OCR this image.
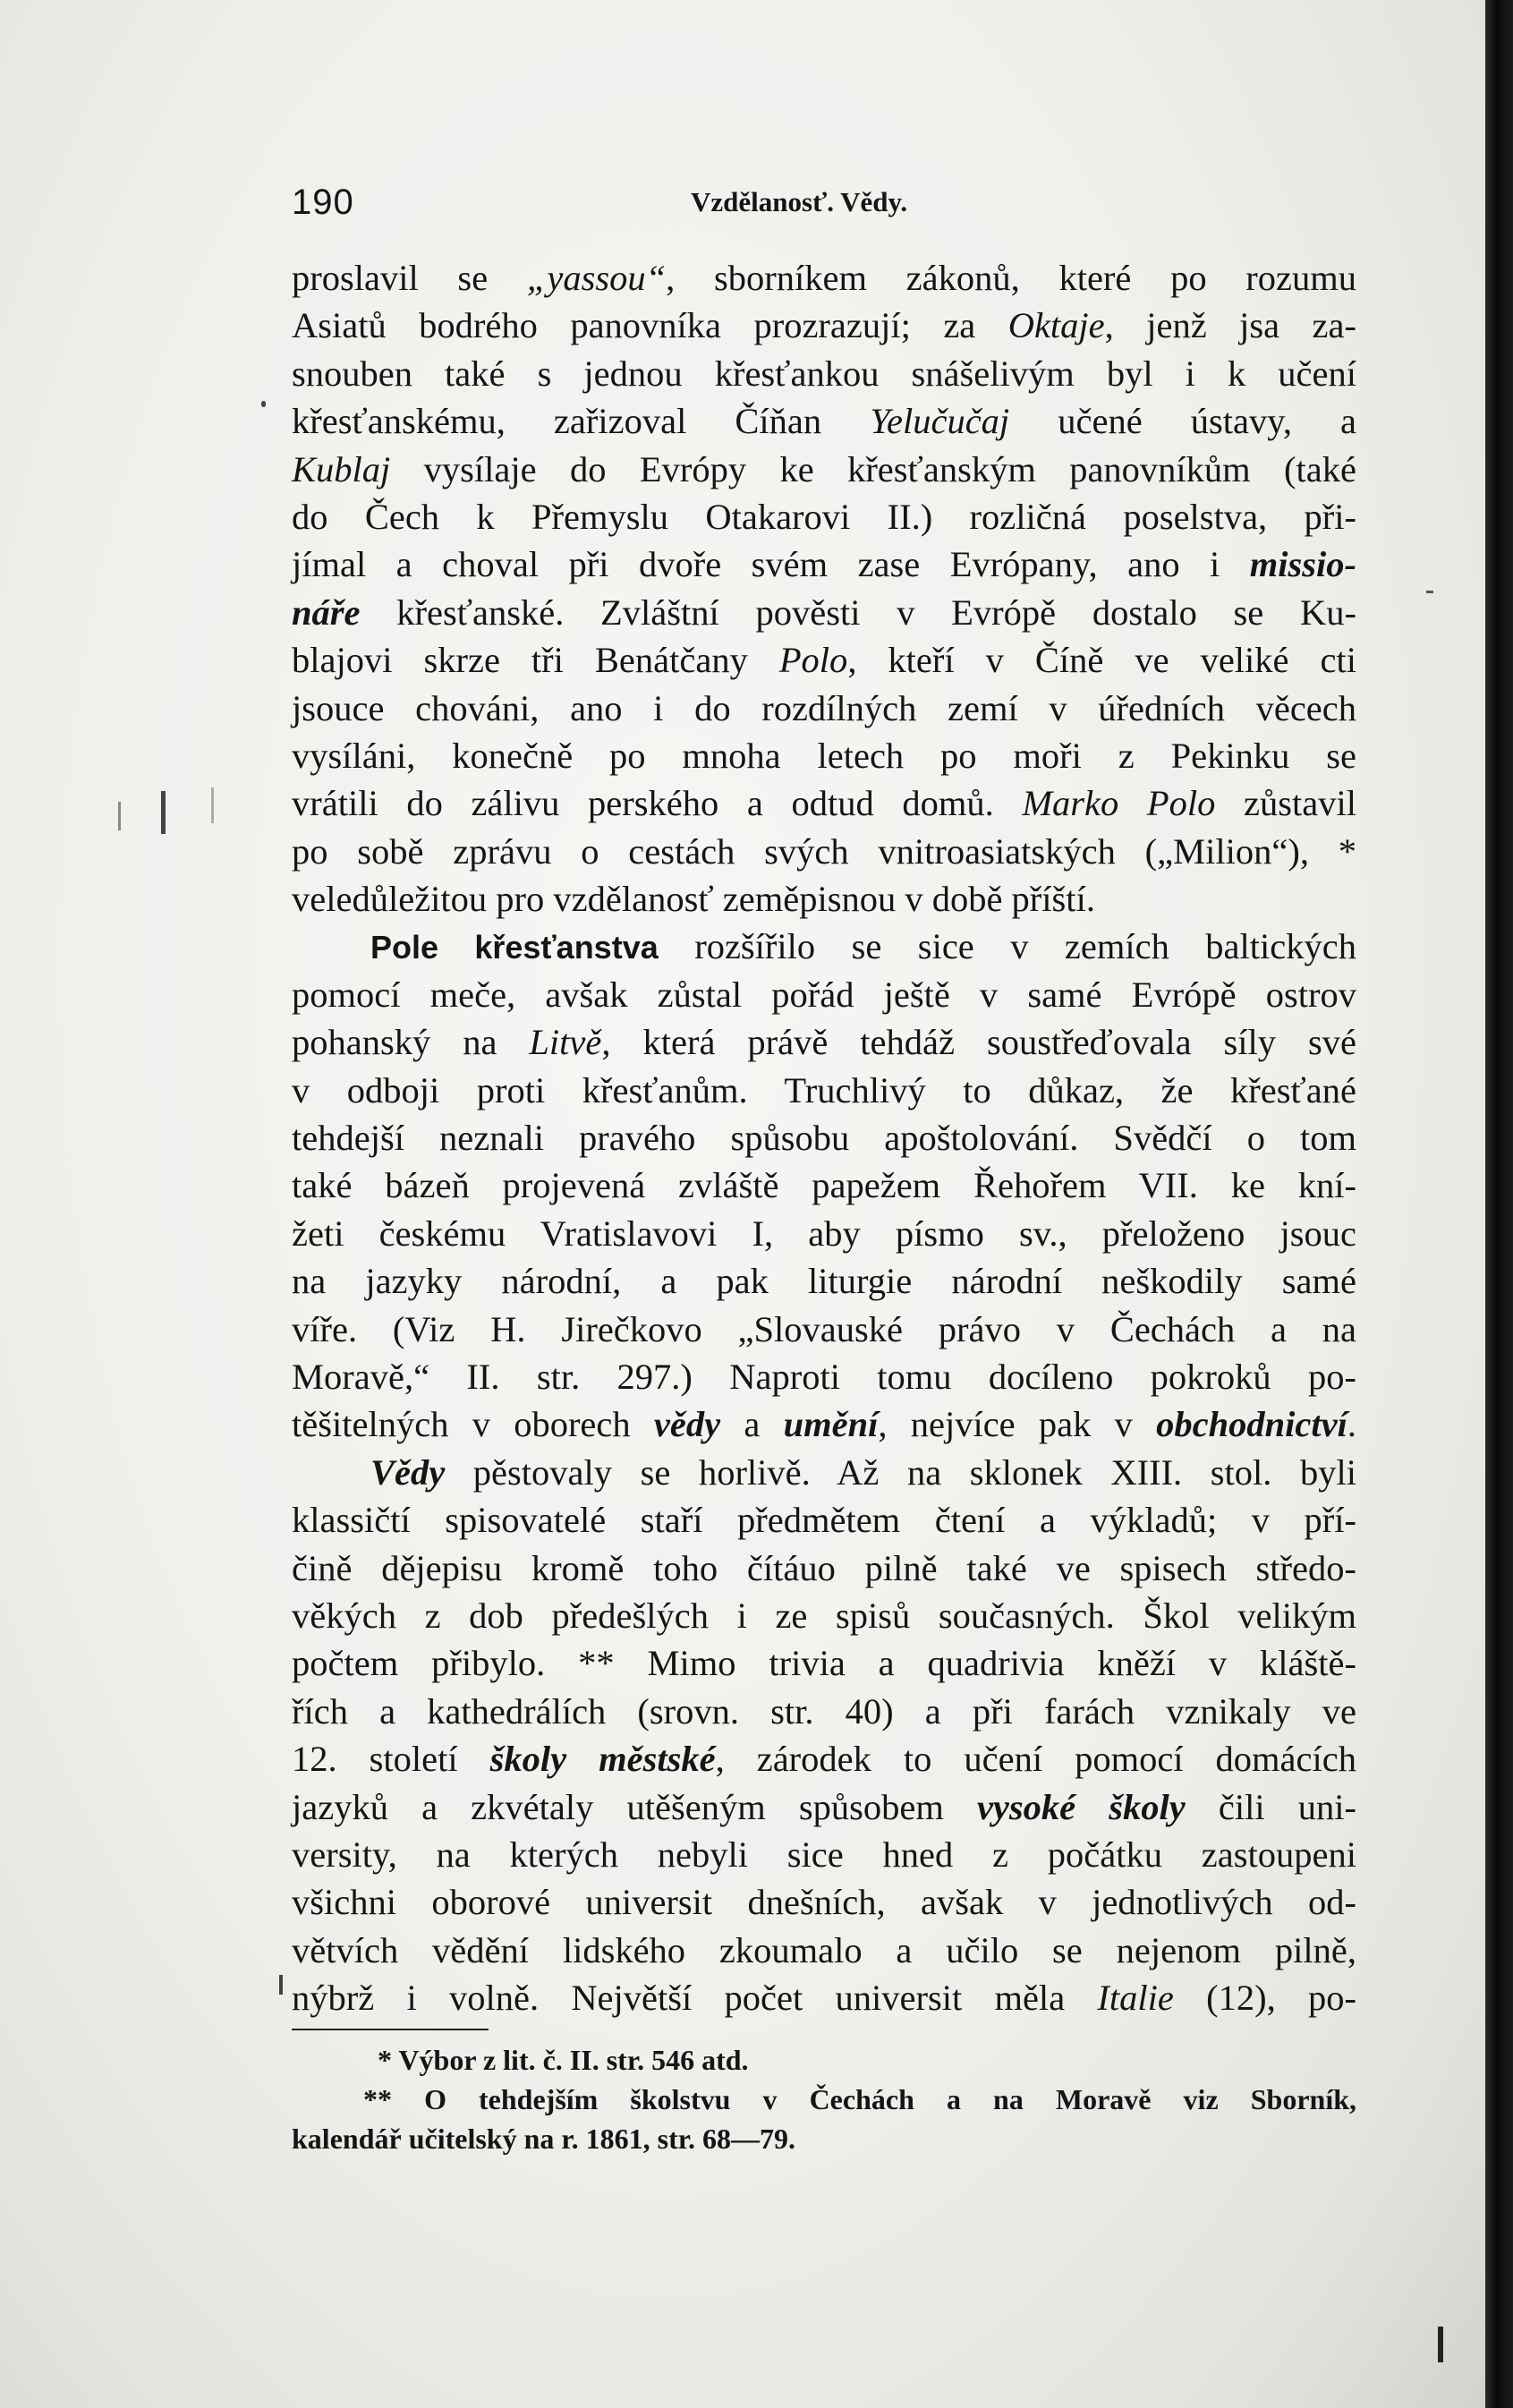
190	Vzdělanosť. Vědy.
proslavil se „yassou“, sborníkem zákonů, které po rozumu
Asiatů bodrého panovníka prozrazují; za Oktaje, jenž jsa za-
snouben také s jednou křesťankou snášelivým byl i k učení
křesťanskému, zařizoval Číňan Yelučučaj učené ústavy, a
Kublaj vysílaje do Evrópy ke křesťanským panovníkům (také
do Čech k Přemyslu Otakarovi II.) rozličná poselstva, při-
jímal a choval při dvoře svém zase Evrópany, ano i missio-
náře křesťanské. Zvláštní pověsti v Evrópě dostalo se Ku-
blajovi skrze tři Benátčany Polo, kteří v Číně ve veliké cti
jsouce chováni, ano i do rozdílných zemí v úředních věcech
vysíláni, konečně po mnoha letech po moři z Pekinku se
vrátili do zálivu perského a odtud domů. Marko Polo zůstavil
po sobě zprávu o cestách svých vnitroasiatských („Milion“), *
veledůležitou pro vzdělanosť zeměpisnou v době příští.
Pole křesťanstva rozšířilo se sice v zemích baltických
pomocí meče, avšak zůstal pořád ještě v samé Evrópě ostrov
pohanský na Litvě, která právě tehdáž soustřeďovala síly své
v odboji proti křesťanům. Truchlivý to důkaz, že křesťané
tehdejší neznali pravého spůsobu apoštolování. Svědčí o tom
také bázeň projevená zvláště papežem Řehořem VII. ke kní-
žeti českému Vratislavovi I, aby písmo sv., přeloženo jsouc
na jazyky národní, a pak liturgie národní neškodily samé
víře. (Viz H. Jirečkovo „Slovauské právo v Čechách a na
Moravě,“ II. str. 297.) Naproti tomu docíleno pokroků po-
těšitelných v oborech vědy a umění, nejvíce pak v obchodnictví.
Vědy pěstovaly se horlivě. Až na sklonek XIII. stol. byli
klassičtí spisovatelé staří předmětem čtení a výkladů; v pří-
čině dějepisu kromě toho čítáuo pilně také ve spisech středo-
věkých z dob předešlých i ze spisů současných. Škol velikým
počtem přibylo. ** Mimo trivia a quadrivia kněží v kláště-
řích a kathedrálích (srovn. str. 40) a při farách vznikaly ve
12. století školy městské, zárodek to učení pomocí domácích
jazyků a zkvétaly utěšeným spůsobem vysoké školy čili uni-
versity, na kterých nebyli sice hned z počátku zastoupeni
všichni oborové universit dnešních, avšak v jednotlivých od-
větvích vědění lidského zkoumalo a učilo se nejenom pilně,
nýbrž i volně. Největší počet universit měla Italie (12), po-
* Výbor z lit. č. II. str. 546 atd.
** O tehdejším školstvu v Čechách a na Moravě viz Sborník,
kalendář učitelský na r. 1861, str. 68—79.
